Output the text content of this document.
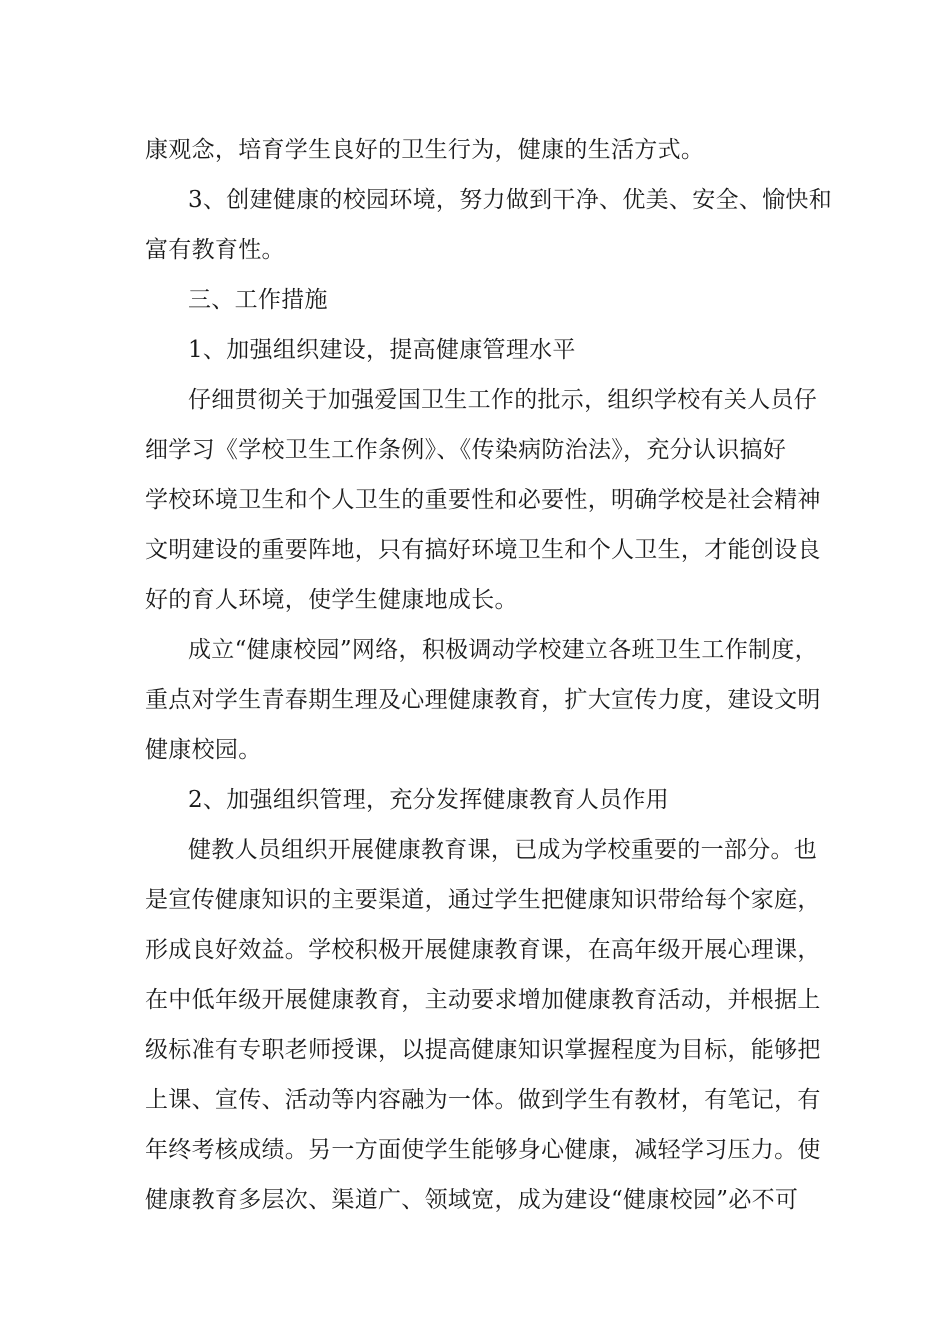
康观念，培育学生良好的卫生行为，健康的生活方式。
3、创建健康的校园环境，努力做到干净、优美、安全、愉快和
富有教育性。
三、工作措施
1、加强组织建设，提高健康管理水平
仔细贯彻关于加强爱国卫生工作的批示，组织学校有关人员仔
细学习《学校卫生工作条例》、《传染病防治法》，充分认识搞好
学校环境卫生和个人卫生的重要性和必要性，明确学校是社会精神
文明建设的重要阵地，只有搞好环境卫生和个人卫生，才能创设良
好的育人环境，使学生健康地成长。
成立“健康校园”网络，积极调动学校建立各班卫生工作制度，
重点对学生青春期生理及心理健康教育，扩大宣传力度，建设文明
健康校园。
2、加强组织管理，充分发挥健康教育人员作用
健教人员组织开展健康教育课，已成为学校重要的一部分。也
是宣传健康知识的主要渠道，通过学生把健康知识带给每个家庭，
形成良好效益。学校积极开展健康教育课，在高年级开展心理课，
在中低年级开展健康教育，主动要求增加健康教育活动，并根据上
级标准有专职老师授课，以提高健康知识掌握程度为目标，能够把
上课、宣传、活动等内容融为一体。做到学生有教材，有笔记，有
年终考核成绩。另一方面使学生能够身心健康，减轻学习压力。使
健康教育多层次、渠道广、领域宽，成为建设“健康校园”必不可
